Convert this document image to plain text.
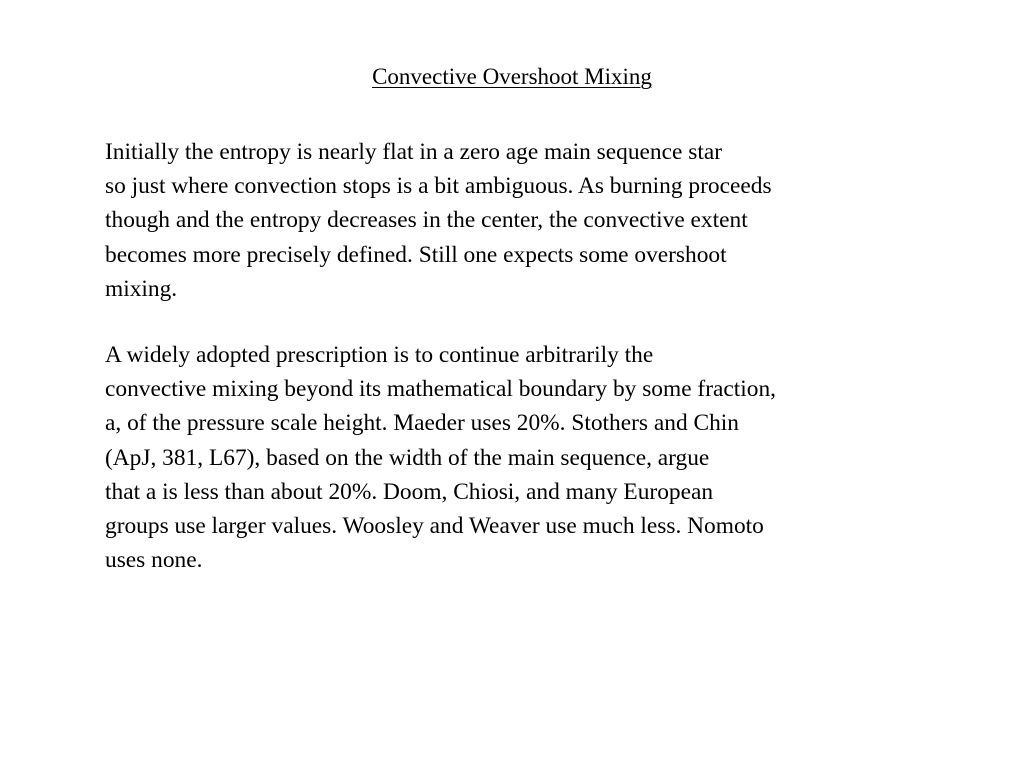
Convective Overshoot Mixing

Initially the entropy is nearly flat in a zero age main sequence star
so just where convection stops is a bit ambiguous. As burning proceeds
though and the entropy decreases in the center, the convective extent
becomes more precisely defined. Still one expects some overshoot
mixing.

A widely adopted prescription is to continue arbitrarily the
convective mixing beyond its mathematical boundary by some fraction,
a, of the pressure scale height. Maeder uses 20%. Stothers and Chin
(ApJ, 381, L67), based on the width of the main sequence, argue
that a is less than about 20%. Doom, Chiosi, and many European
groups use larger values. Woosley and Weaver use much less. Nomoto
uses none.
